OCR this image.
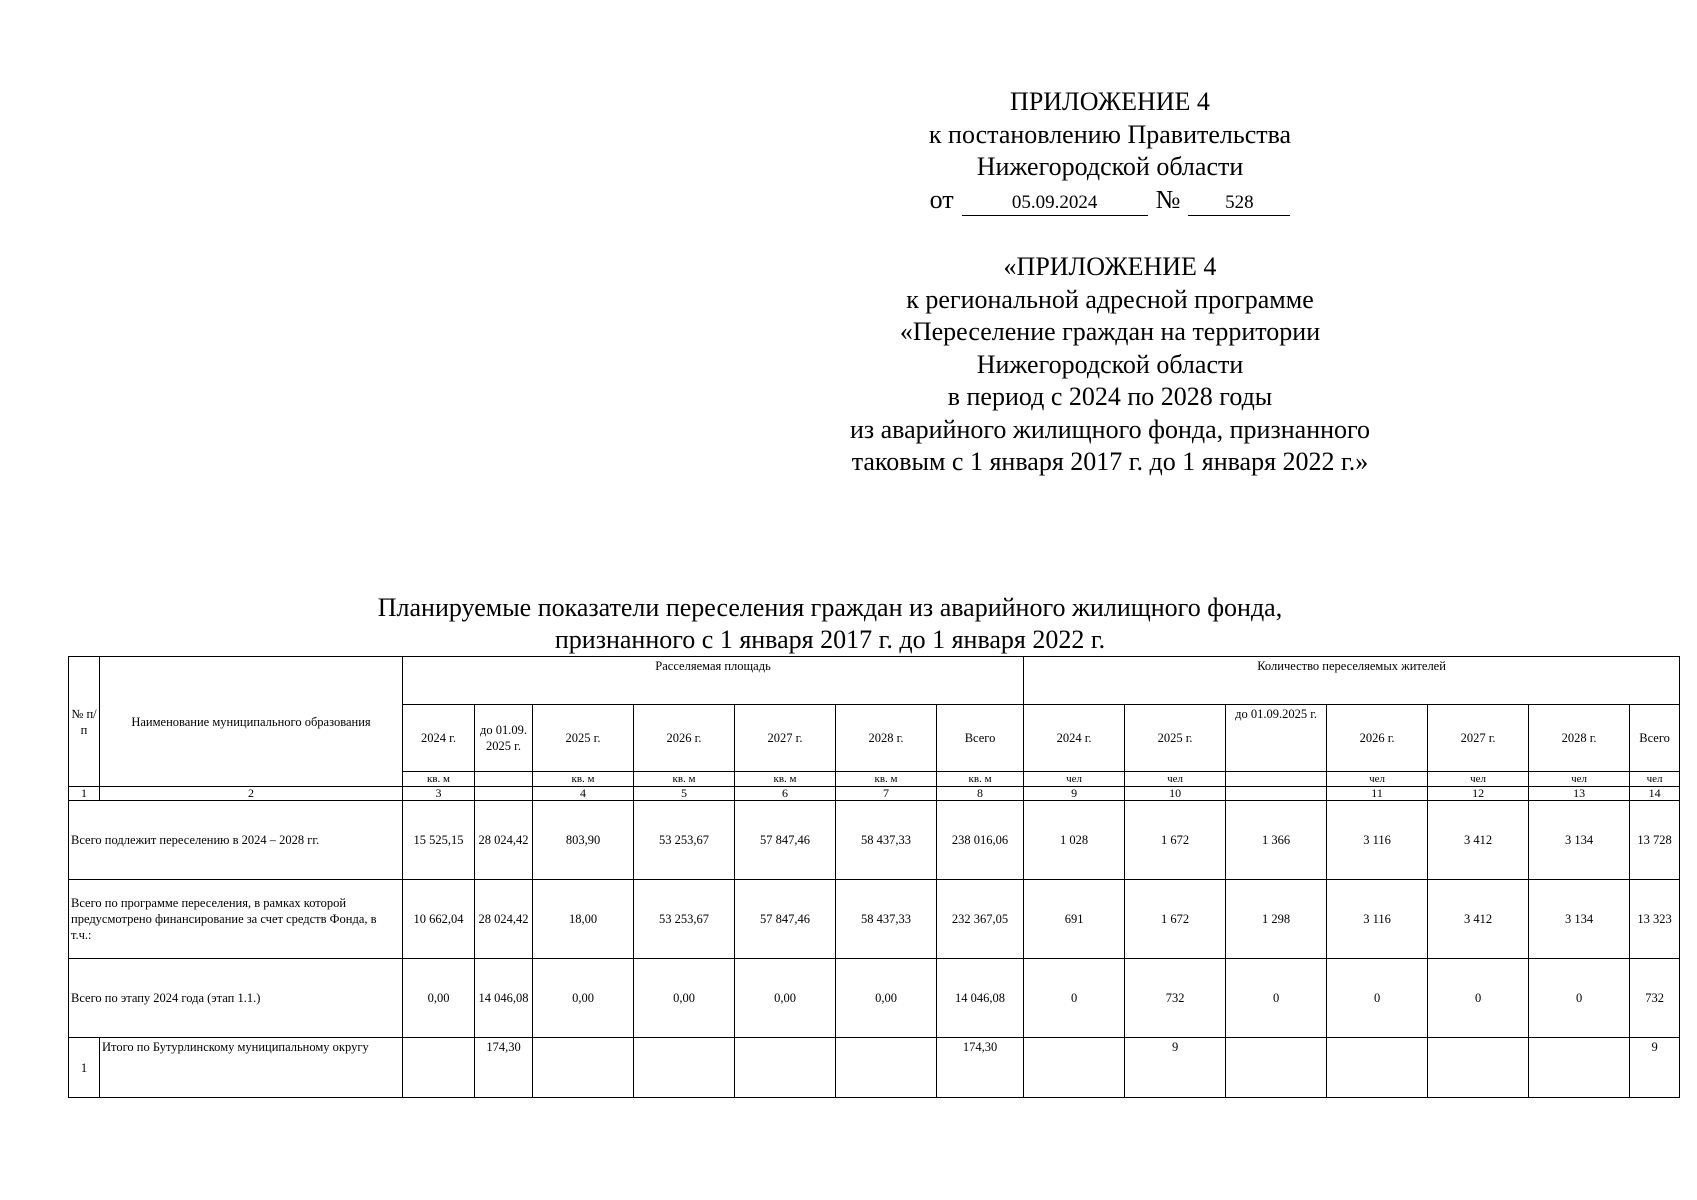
ПРИЛОЖЕНИЕ 4
к постановлению Правительства
Нижегородской области
от	05.09.2024	№	528
«ПРИЛОЖЕНИЕ 4
к региональной адресной программе
«Переселение граждан на территории
Нижегородской области
в период с 2024 по 2028 годы
из аварийного жилищного фонда, признанного
таковым с 1 января 2017 г. до 1 января 2022 г.»
Планируемые показатели переселения граждан из аварийного жилищного фонда,
признанного с 1 января 2017 г. до 1 января 2022 г.
№ п/п	Наименование муниципального образования	Расселяемая площадь							Количество переселяемых жителей						
		2024 г.	до 01.09. 2025 г.	2025 г.	2026 г.	2027 г.	2028 г.	Всего	2024 г.	2025 г.	до 01.09.2025 г.	2026 г.	2027 г.	2028 г.	Всего
		кв. м		кв. м	кв. м	кв. м	кв. м	кв. м	чел	чел		чел	чел	чел	чел
1	2	3		4	5	6	7	8	9	10		11	12	13	14
Всего подлежит переселению в 2024 – 2028 гг.		15 525,15	28 024,42	803,90	53 253,67	57 847,46	58 437,33	238 016,06	1 028	1 672	1 366	3 116	3 412	3 134	13 728
Всего по программе переселения, в рамках которой предусмотрено финансирование за счет средств Фонда, в т.ч.:		10 662,04	28 024,42	18,00	53 253,67	57 847,46	58 437,33	232 367,05	691	1 672	1 298	3 116	3 412	3 134	13 323
Всего по этапу 2024 года (этап 1.1.)		0,00	14 046,08	0,00	0,00	0,00	0,00	14 046,08	0	732	0	0	0	0	732
1	Итого по Бутурлинскому муниципальному округу		174,30					174,30		9					9
